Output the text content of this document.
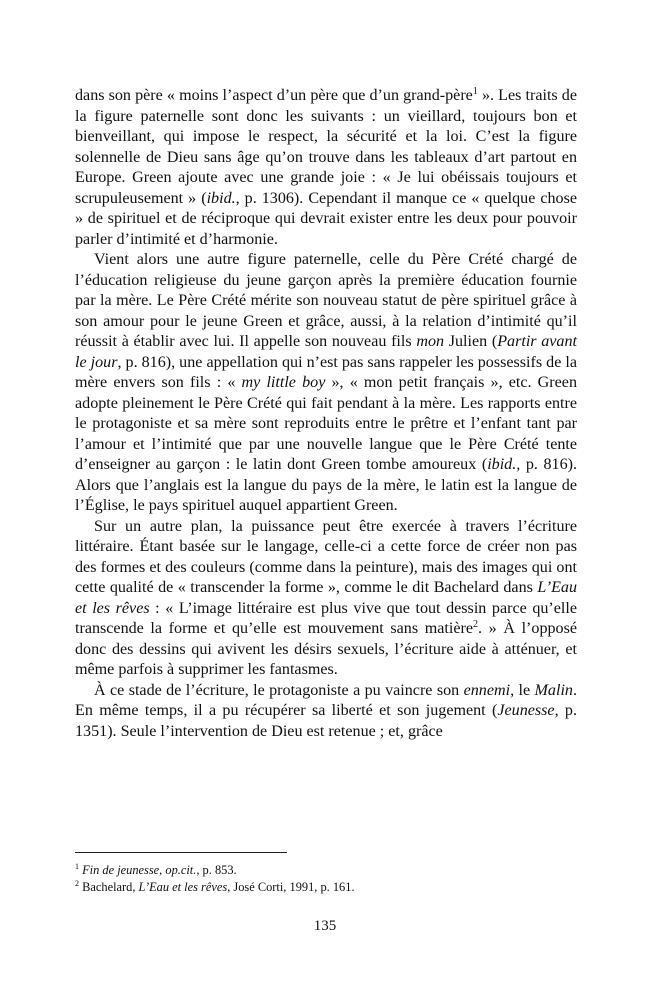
dans son père « moins l’aspect d’un père que d’un grand-père$^1$ ». Les traits de la figure paternelle sont donc les suivants : un vieillard, toujours bon et bienveillant, qui impose le respect, la sécurité et la loi. C’est la figure solennelle de Dieu sans âge qu’on trouve dans les tableaux d’art partout en Europe. Green ajoute avec une grande joie : « Je lui obéissais toujours et scrupuleusement » (ibid., p. 1306). Cependant il manque ce « quelque chose » de spirituel et de réciproque qui devrait exister entre les deux pour pouvoir parler d’intimité et d’harmonie.

Vient alors une autre figure paternelle, celle du Père Crété chargé de l’éducation religieuse du jeune garçon après la première éducation fournie par la mère. Le Père Crété mérite son nouveau statut de père spirituel grâce à son amour pour le jeune Green et grâce, aussi, à la relation d’intimité qu’il réussit à établir avec lui. Il appelle son nouveau fils mon Julien (Partir avant le jour, p. 816), une appellation qui n’est pas sans rappeler les possessifs de la mère envers son fils : « my little boy », « mon petit français », etc. Green adopte pleinement le Père Crété qui fait pendant à la mère. Les rapports entre le protagoniste et sa mère sont reproduits entre le prêtre et l’enfant tant par l’amour et l’intimité que par une nouvelle langue que le Père Crété tente d’enseigner au garçon : le latin dont Green tombe amoureux (ibid., p. 816). Alors que l’anglais est la langue du pays de la mère, le latin est la langue de l’Église, le pays spirituel auquel appartient Green.

Sur un autre plan, la puissance peut être exercée à travers l’écriture littéraire. Étant basée sur le langage, celle-ci a cette force de créer non pas des formes et des couleurs (comme dans la peinture), mais des images qui ont cette qualité de « transcender la forme », comme le dit Bachelard dans L’Eau et les rêves : « L’image littéraire est plus vive que tout dessin parce qu’elle transcende la forme et qu’elle est mouvement sans matière$^2$. » À l’opposé donc des dessins qui avivent les désirs sexuels, l’écriture aide à atténuer, et même parfois à supprimer les fantasmes.

À ce stade de l’écriture, le protagoniste a pu vaincre son ennemi, le Malin. En même temps, il a pu récupérer sa liberté et son jugement (Jeunesse, p. 1351). Seule l’intervention de Dieu est retenue ; et, grâce

$^1$ Fin de jeunesse, op.cit., p. 853.

$^2$ Bachelard, L’Eau et les rêves, José Corti, 1991, p. 161.

135
